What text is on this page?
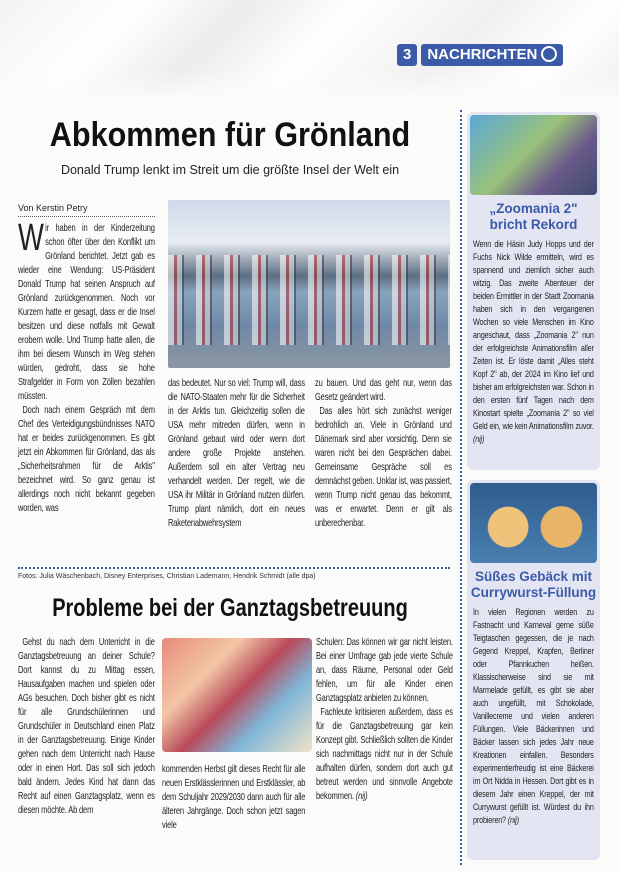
3	NACHRICHTEN
Abkommen für Grönland
Donald Trump lenkt im Streit um die größte Insel der Welt ein
Von Kerstin Petry

Wir haben in der Kinderzeitung schon öfter über den Konflikt um Grönland berichtet. Jetzt gab es wieder eine Wendung: US-Präsident Donald Trump hat seinen Anspruch auf Grönland zurückgenommen. Noch vor Kurzem hatte er gesagt, dass er die Insel besitzen und diese notfalls mit Gewalt erobern wolle. Und Trump hatte allen, die ihm bei diesem Wunsch im Weg stehen würden, gedroht, dass sie hohe Strafgelder in Form von Zöllen bezahlen müssten.

Doch nach einem Gespräch mit dem Chef des Verteidigungsbündnisses NATO hat er beides zurückgenommen. Es gibt jetzt ein Abkommen für Grönland, das als „Sicherheitsrahmen für die Arktis" bezeichnet wird. So ganz genau ist allerdings noch nicht bekannt gegeben worden, was

das bedeutet. Nur so viel: Trump will, dass die NATO-Staaten mehr für die Sicherheit in der Arktis tun. Gleichzeitig sollen die USA mehr mitreden dürfen, wenn in Grönland gebaut wird oder wenn dort andere große Projekte anstehen. Außerdem soll ein alter Vertrag neu verhandelt werden. Der regelt, wie die USA ihr Militär in Grönland nutzen dürfen. Trump plant nämlich, dort ein neues Raketenabwehrsystem

zu bauen. Und das geht nur, wenn das Gesetz geändert wird.

Das alles hört sich zunächst weniger bedrohlich an. Viele in Grönland und Dänemark sind aber vorsichtig. Denn sie waren nicht bei den Gesprächen dabei. Gemeinsame Gespräche soll es demnächst geben. Unklar ist, was passiert, wenn Trump nicht genau das bekommt, was er erwartet. Denn er gilt als unberechenbar.

Fotos: Julia Wäschenbach, Disney Enterprises, Christian Lademann, Hendrik Schmidt (alle dpa)
Probleme bei der Ganztagsbetreuung

Gehst du nach dem Unterricht in die Ganztagsbetreuung an deiner Schule? Dort kannst du zu Mittag essen, Hausaufgaben machen und spielen oder AGs besuchen. Doch bisher gibt es nicht für alle Grundschülerinnen und Grundschüler in Deutschland einen Platz in der Ganztagsbetreuung. Einige Kinder gehen nach dem Unterricht nach Hause oder in einen Hort. Das soll sich jedoch bald ändern. Jedes Kind hat dann das Recht auf einen Ganztagsplatz, wenn es diesen möchte. Ab dem

kommenden Herbst gilt dieses Recht für alle neuen Erstklässlerinnen und Erstklässler, ab dem Schuljahr 2029/2030 dann auch für alle älteren Jahrgänge. Doch schon jetzt sagen viele

Schulen: Das können wir gar nicht leisten. Bei einer Umfrage gab jede vierte Schule an, dass Räume, Personal oder Geld fehlen, um für alle Kinder einen Ganztagsplatz anbieten zu können.

Fachleute kritisieren außerdem, dass es für die Ganztagsbetreuung gar kein Konzept gibt. Schließlich sollten die Kinder sich nachmittags nicht nur in der Schule aufhalten dürfen, sondern dort auch gut betreut werden und sinnvolle Angebote bekommen. (nij)

„Zoomania 2" bricht Rekord
Wenn die Häsin Judy Hopps und der Fuchs Nick Wilde ermitteln, wird es spannend und ziemlich sicher auch witzig. Das zweite Abenteuer der beiden Ermittler in der Stadt Zoomania haben sich in den vergangenen Wochen so viele Menschen im Kino angeschaut, dass „Zoomania 2" nun der erfolgreichste Animationsfilm aller Zeiten ist. Er löste damit „Alles steht Kopf 2" ab, der 2024 im Kino lief und bisher am erfolgreichsten war. Schon in den ersten fünf Tagen nach dem Kinostart spielte „Zoomania 2" so viel Geld ein, wie kein Animationsfilm zuvor. (nij)
Süßes Gebäck mit Currywurst-Füllung
In vielen Regionen werden zu Fastnacht und Karneval gerne süße Teigtaschen gegessen, die je nach Gegend Kreppel, Krapfen, Berliner oder Pfannkuchen heißen. Klassischerweise sind sie mit Marmelade gefüllt, es gibt sie aber auch ungefüllt, mit Schokolade, Vanillecreme und vielen anderen Füllungen. Viele Bäckerinnen und Bäcker lassen sich jedes Jahr neue Kreationen einfallen. Besonders experimentierfreudig ist eine Bäckerei im Ort Nidda in Hessen. Dort gibt es in diesem Jahr einen Kreppel, der mit Currywurst gefüllt ist. Würdest du ihn probieren? (nij)
